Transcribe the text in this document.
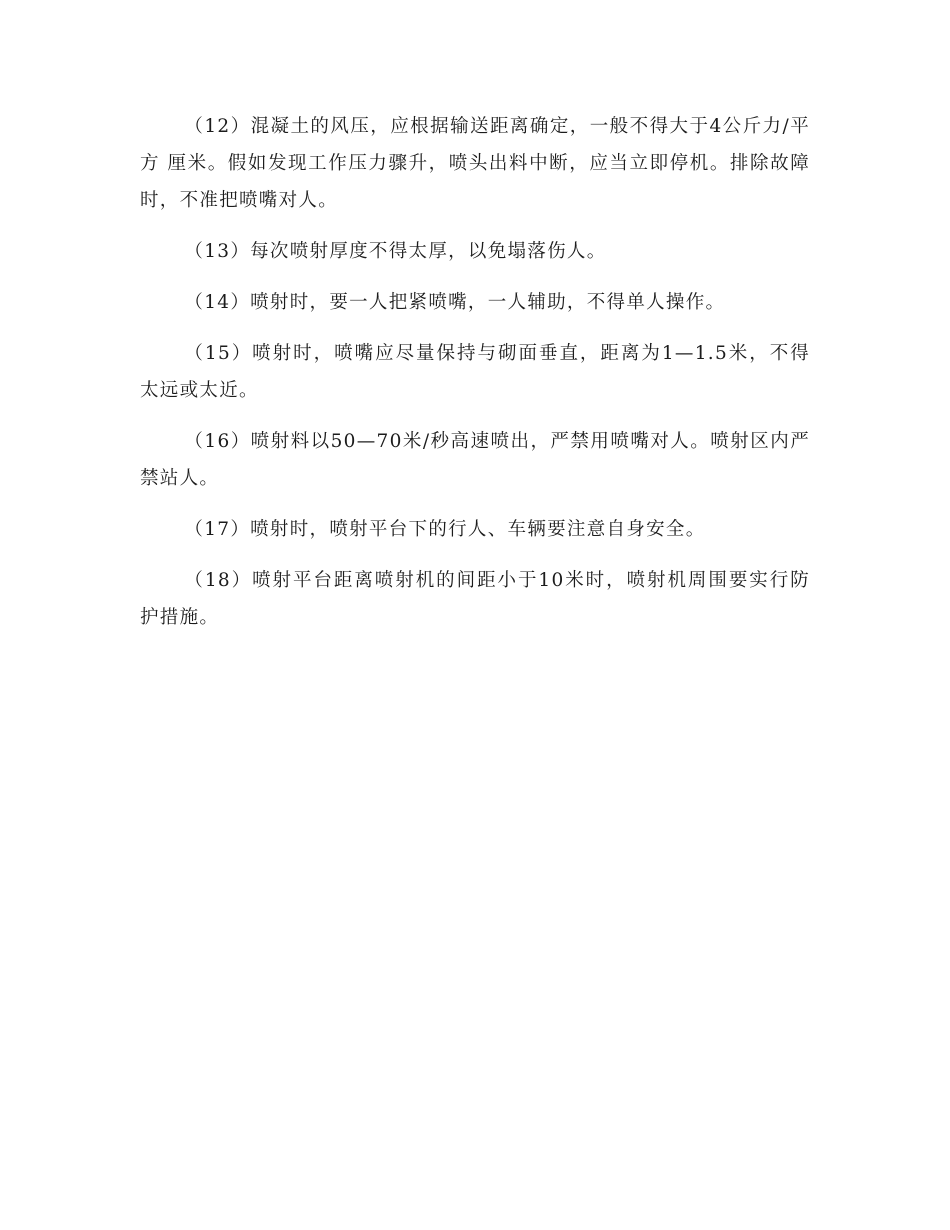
（12）混凝土的风压，应根据输送距离确定，一般不得大于4公斤力/平方 厘米。假如发现工作压力骤升，喷头出料中断，应当立即停机。排除故障时，不准把喷嘴对人。

（13）每次喷射厚度不得太厚，以免塌落伤人。

（14）喷射时，要一人把紧喷嘴，一人辅助，不得单人操作。

（15）喷射时，喷嘴应尽量保持与砌面垂直，距离为1—1.5米，不得太远或太近。

（16）喷射料以50—70米/秒高速喷出，严禁用喷嘴对人。喷射区内严禁站人。

（17）喷射时，喷射平台下的行人、车辆要注意自身安全。

（18）喷射平台距离喷射机的间距小于10米时，喷射机周围要实行防护措施。
